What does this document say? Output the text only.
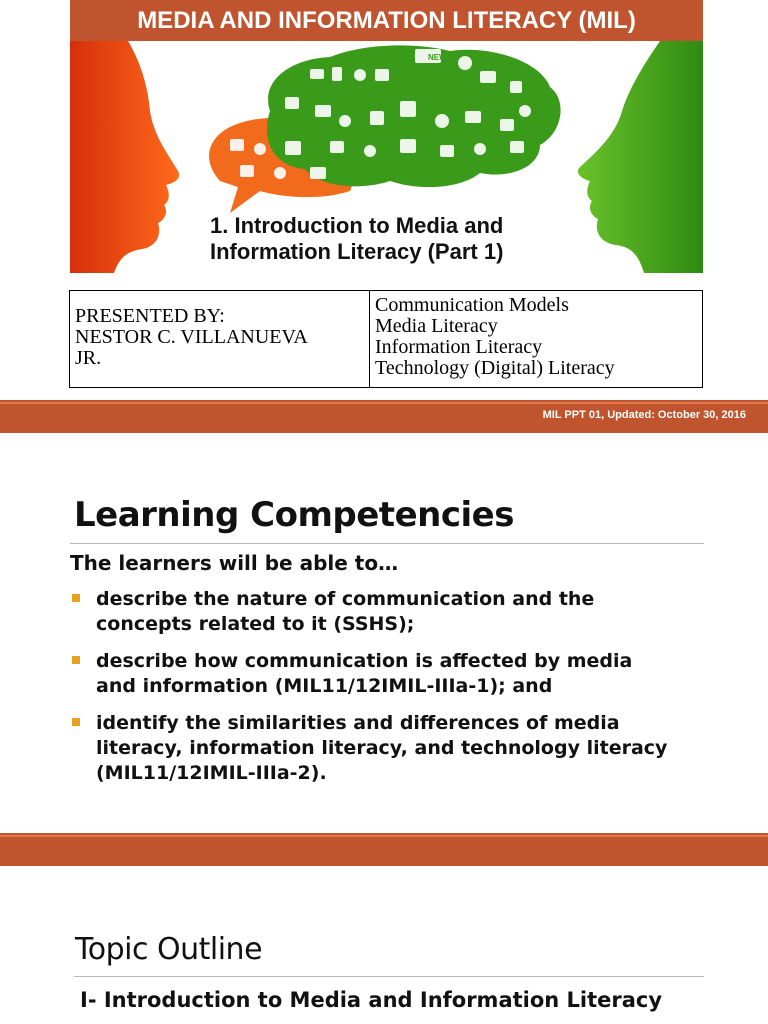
MEDIA AND INFORMATION LITERACY (MIL)
NEWS
1. Introduction to Media and
Information Literacy (Part 1)
PRESENTED BY:
NESTOR C. VILLANUEVA
JR.

Communication Models
Media Literacy
Information Literacy
Technology (Digital) Literacy
MIL PPT 01, Updated: October 30, 2016
Learning Competencies
The learners will be able to…
describe the nature of communication and the
concepts related to it (SSHS);
describe how communication is affected by media
and information (MIL11/12IMIL-IIIa-1); and
identify the similarities and differences of media
literacy, information literacy, and technology literacy
(MIL11/12IMIL-IIIa-2).
Topic Outline
I- Introduction to Media and Information Literacy
